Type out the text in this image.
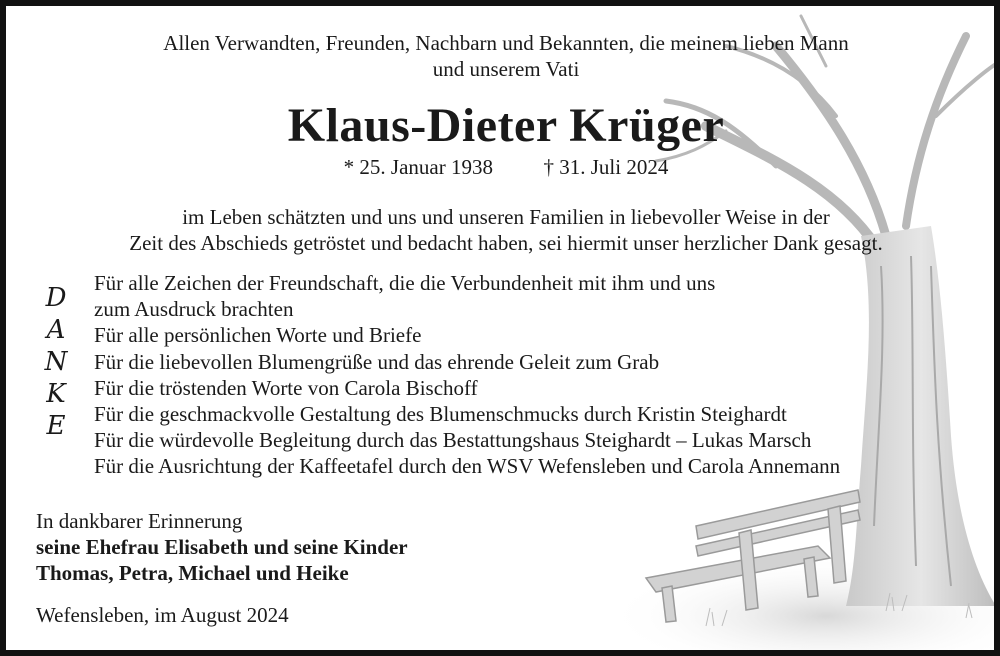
Allen Verwandten, Freunden, Nachbarn und Bekannten, die meinem lieben Mann
und unserem Vati
Klaus-Dieter Krüger
* 25. Januar 1938 † 31. Juli 2024
im Leben schätzten und uns und unseren Familien in liebevoller Weise in der
Zeit des Abschieds getröstet und bedacht haben, sei hiermit unser herzlicher Dank gesagt.
D
A
N
K
E
Für alle Zeichen der Freundschaft, die die Verbundenheit mit ihm und uns
zum Ausdruck brachten
Für alle persönlichen Worte und Briefe
Für die liebevollen Blumengrüße und das ehrende Geleit zum Grab
Für die tröstenden Worte von Carola Bischoff
Für die geschmackvolle Gestaltung des Blumenschmucks durch Kristin Steighardt
Für die würdevolle Begleitung durch das Bestattungshaus Steighardt – Lukas Marsch
Für die Ausrichtung der Kaffeetafel durch den WSV Wefensleben und Carola Annemann
In dankbarer Erinnerung
seine Ehefrau Elisabeth und seine Kinder
Thomas, Petra, Michael und Heike
Wefensleben, im August 2024
